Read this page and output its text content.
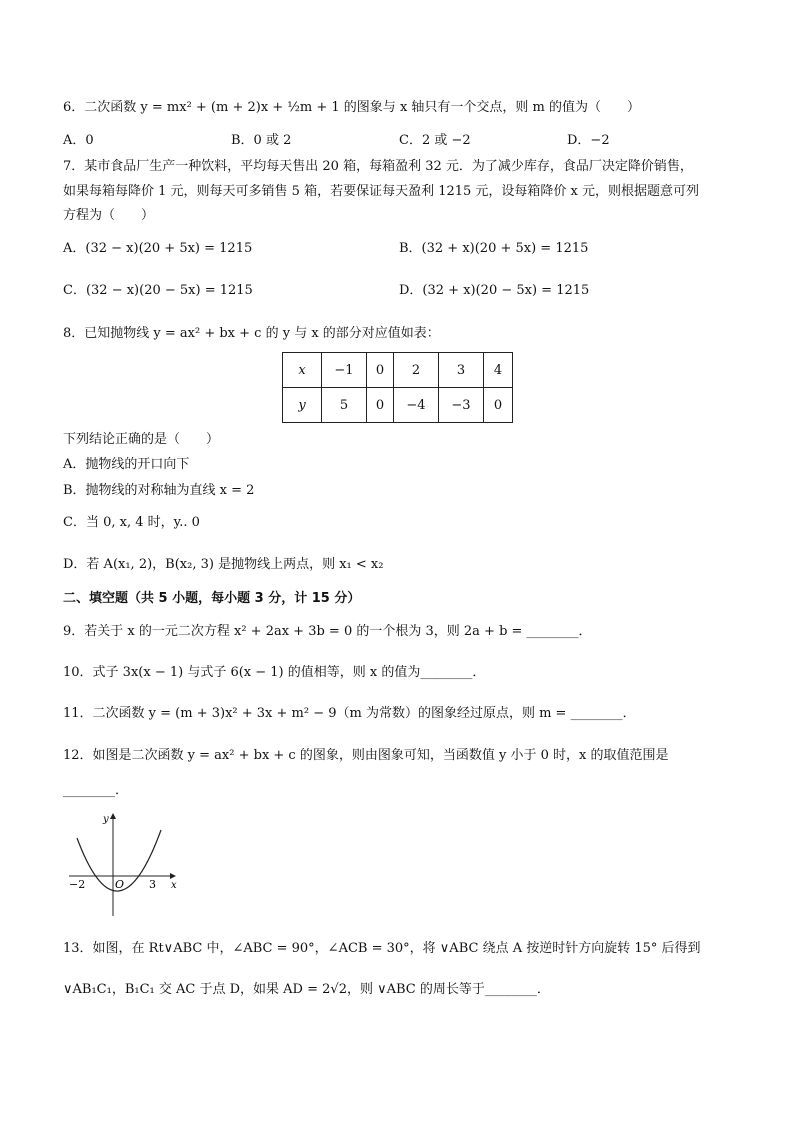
6．二次函数 y = mx² + (m + 2)x + ½m + 1 的图象与 x 轴只有一个交点，则 m 的值为（　　）
A．0	B．0 或 2	C．2 或 −2	D．−2
7．某市食品厂生产一种饮料，平均每天售出 20 箱，每箱盈利 32 元．为了减少库存，食品厂决定降价销售，
如果每箱每降价 1 元，则每天可多销售 5 箱，若要保证每天盈利 1215 元，设每箱降价 x 元，则根据题意可列
方程为（　　）
A．(32 − x)(20 + 5x) = 1215	B．(32 + x)(20 + 5x) = 1215
C．(32 − x)(20 − 5x) = 1215	D．(32 + x)(20 − 5x) = 1215
8．已知抛物线 y = ax² + bx + c 的 y 与 x 的部分对应值如表：
x	−1	0	2	3	4
y	5	0	−4	−3	0
下列结论正确的是（　　）
A．抛物线的开口向下
B．抛物线的对称轴为直线 x = 2
C．当 0, x, 4 时，y.. 0
D．若 A(x₁, 2)，B(x₂, 3) 是抛物线上两点，则 x₁ < x₂
二、填空题（共 5 小题，每小题 3 分，计 15 分）
9．若关于 x 的一元二次方程 x² + 2ax + 3b = 0 的一个根为 3，则 2a + b = ________．
10．式子 3x(x − 1) 与式子 6(x − 1) 的值相等，则 x 的值为________．
11．二次函数 y = (m + 3)x² + 3x + m² − 9（m 为常数）的图象经过原点，则 m = ________．
12．如图是二次函数 y = ax² + bx + c 的图象，则由图象可知，当函数值 y 小于 0 时，x 的取值范围是
________．
y
x
O
−2	3
13．如图，在 Rt∨ABC 中，∠ABC = 90°，∠ACB = 30°，将 ∨ABC 绕点 A 按逆时针方向旋转 15° 后得到
∨AB₁C₁，B₁C₁ 交 AC 于点 D，如果 AD = 2√2，则 ∨ABC 的周长等于________．
